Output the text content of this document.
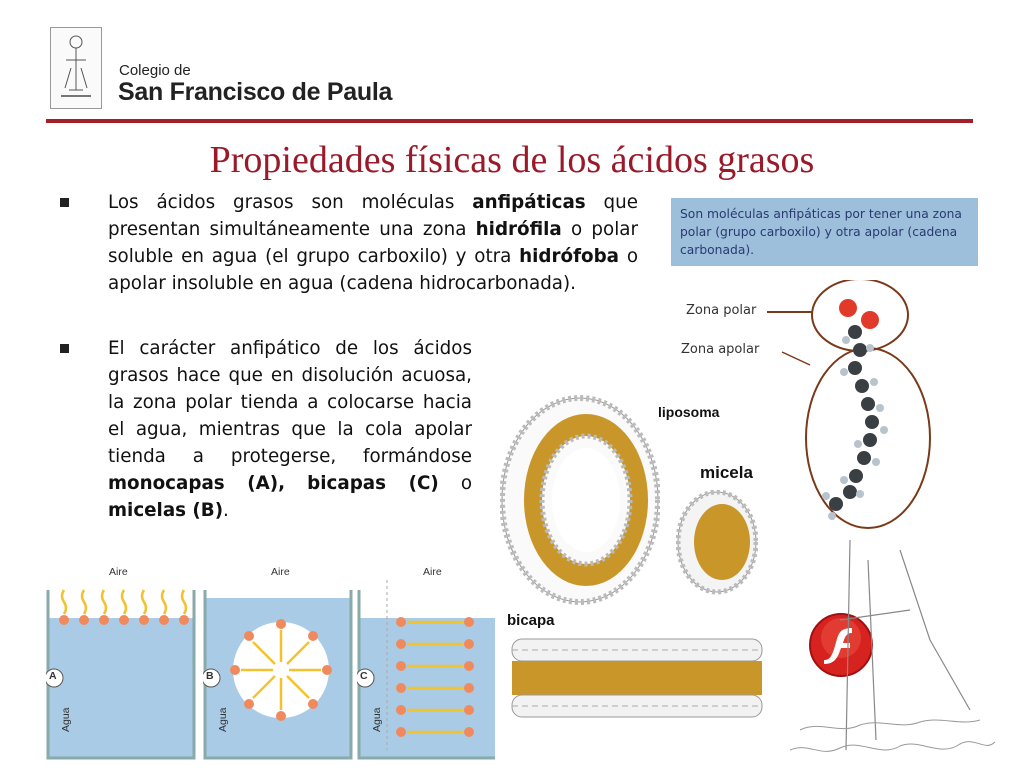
Colegio de
San Francisco de Paula
Propiedades físicas de los ácidos grasos
Los ácidos grasos son moléculas anfipáticas que presentan simultáneamente una zona hidrófila o polar soluble en agua (el grupo carboxilo) y otra hidrófoba o apolar insoluble en agua (cadena hidrocarbonada).
El carácter anfipático de los ácidos grasos hace que en disolución acuosa, la zona polar tienda a colocarse hacia el agua, mientras que la cola apolar tienda a protegerse, formándose monocapas (A), bicapas (C) o micelas (B).
Son moléculas anfipáticas por tener una zona polar (grupo carboxilo) y otra apolar (cadena carbonada).
Zona polar
Zona apolar
liposoma
micela
bicapa
Aire
A
Agua
Aire
B
Agua
Aire
C
Agua
